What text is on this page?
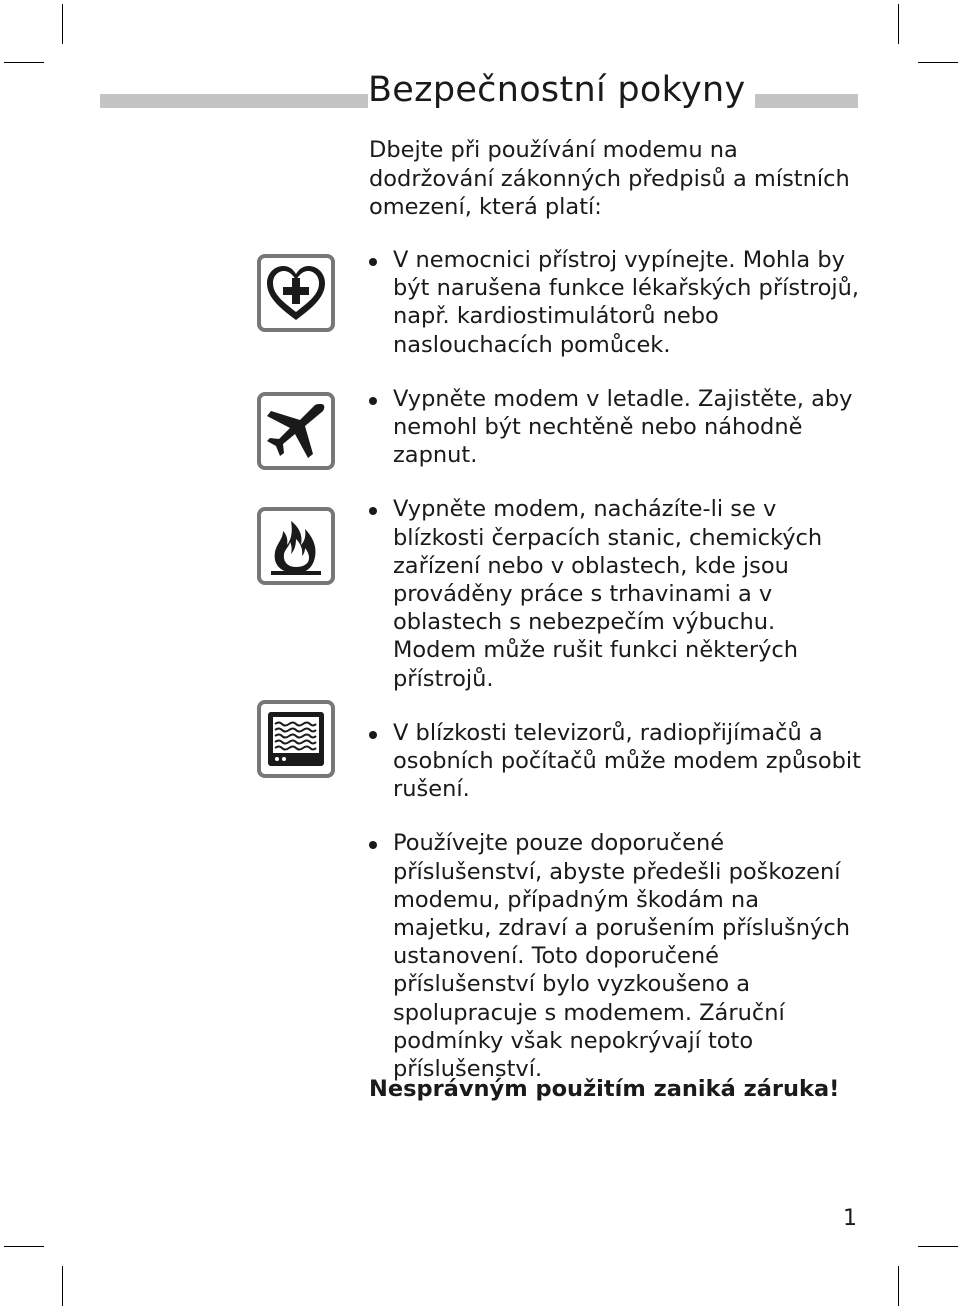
Bezpečnostní pokyny

Dbejte při používání modemu na dodržování zákonných předpisů a místních omezení, která platí:

V nemocnici přístroj vypínejte. Mohla by být narušena funkce lékařských přístrojů, např. kardiostimulátorů nebo naslouchacích pomůcek.
Vypněte modem v letadle. Zajistěte, aby nemohl být nechtěně nebo náhodně zapnut.
Vypněte modem, nacházíte-li se v blízkosti čerpacích stanic, chemických zařízení nebo v oblastech, kde jsou prováděny práce s trhavinami a v oblastech s nebezpečím výbuchu. Modem může rušit funkci některých přístrojů.
V blízkosti televizorů, radiopřijímačů a osobních počítačů může modem způsobit rušení.
Používejte pouze doporučené příslušenství, abyste předešli poškození modemu, případným škodám na majetku, zdraví a porušením příslušných ustanovení. Toto doporučené příslušenství bylo vyzkoušeno a spolupracuje s modemem. Záruční podmínky však nepokrývají toto příslušenství.

Nesprávným použitím zaniká záruka!

1
